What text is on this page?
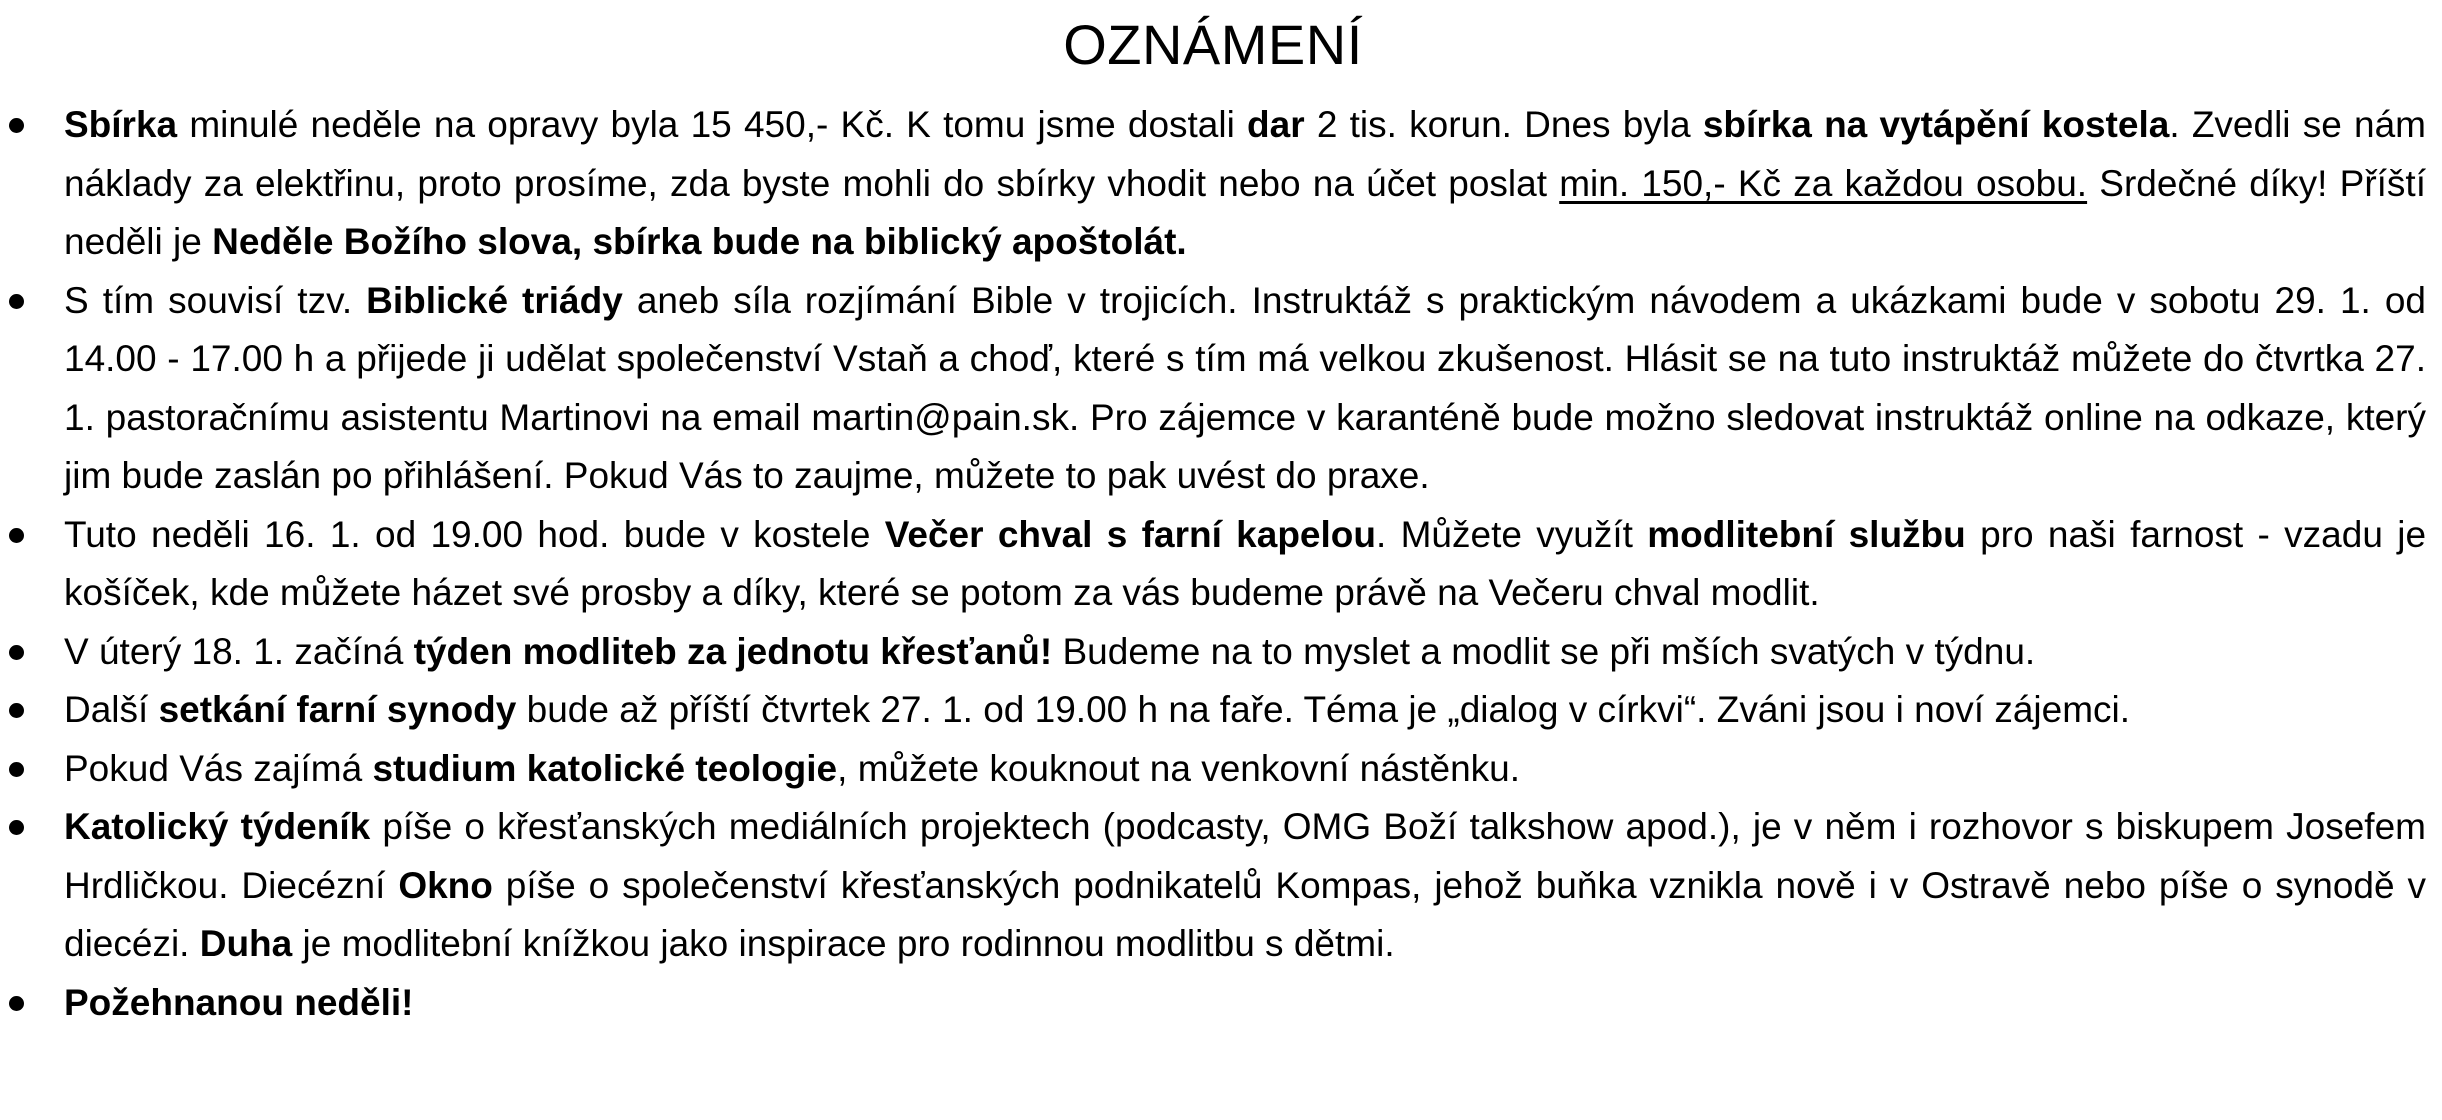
OZNÁMENÍ
Sbírka minulé neděle na opravy byla 15 450,- Kč. K tomu jsme dostali dar 2 tis. korun. Dnes byla sbírka na vytápění kostela. Zvedli se nám náklady za elektřinu, proto prosíme, zda byste mohli do sbírky vhodit nebo na účet poslat min. 150,- Kč za každou osobu. Srdečné díky! Příští neděli je Neděle Božího slova, sbírka bude na biblický apoštolát.
S tím souvisí tzv. Biblické triády aneb síla rozjímání Bible v trojicích. Instruktáž s praktickým návodem a ukázkami bude v sobotu 29. 1. od 14.00 - 17.00 h a přijede ji udělat společenství Vstaň a choď, které s tím má velkou zkušenost. Hlásit se na tuto instruktáž můžete do čtvrtka 27. 1. pastoračnímu asistentu Martinovi na email martin@pain.sk. Pro zájemce v karanténě bude možno sledovat instruktáž online na odkaze, který jim bude zaslán po přihlášení. Pokud Vás to zaujme, můžete to pak uvést do praxe.
Tuto neděli 16. 1. od 19.00 hod. bude v kostele Večer chval s farní kapelou. Můžete využít modlitební službu pro naši farnost - vzadu je košíček, kde můžete házet své prosby a díky, které se potom za vás budeme právě na Večeru chval modlit.
V úterý 18. 1. začíná týden modliteb za jednotu křesťanů! Budeme na to myslet a modlit se při mších svatých v týdnu.
Další setkání farní synody bude až příští čtvrtek 27. 1. od 19.00 h na faře. Téma je „dialog v církvi“. Zváni jsou i noví zájemci.
Pokud Vás zajímá studium katolické teologie, můžete kouknout na venkovní nástěnku.
Katolický týdeník píše o křesťanských mediálních projektech (podcasty, OMG Boží talkshow apod.), je v něm i rozhovor s biskupem Josefem Hrdličkou. Diecézní Okno píše o společenství křesťanských podnikatelů Kompas, jehož buňka vznikla nově i v Ostravě nebo píše o synodě v diecézi. Duha je modlitební knížkou jako inspirace pro rodinnou modlitbu s dětmi.
Požehnanou neděli!
